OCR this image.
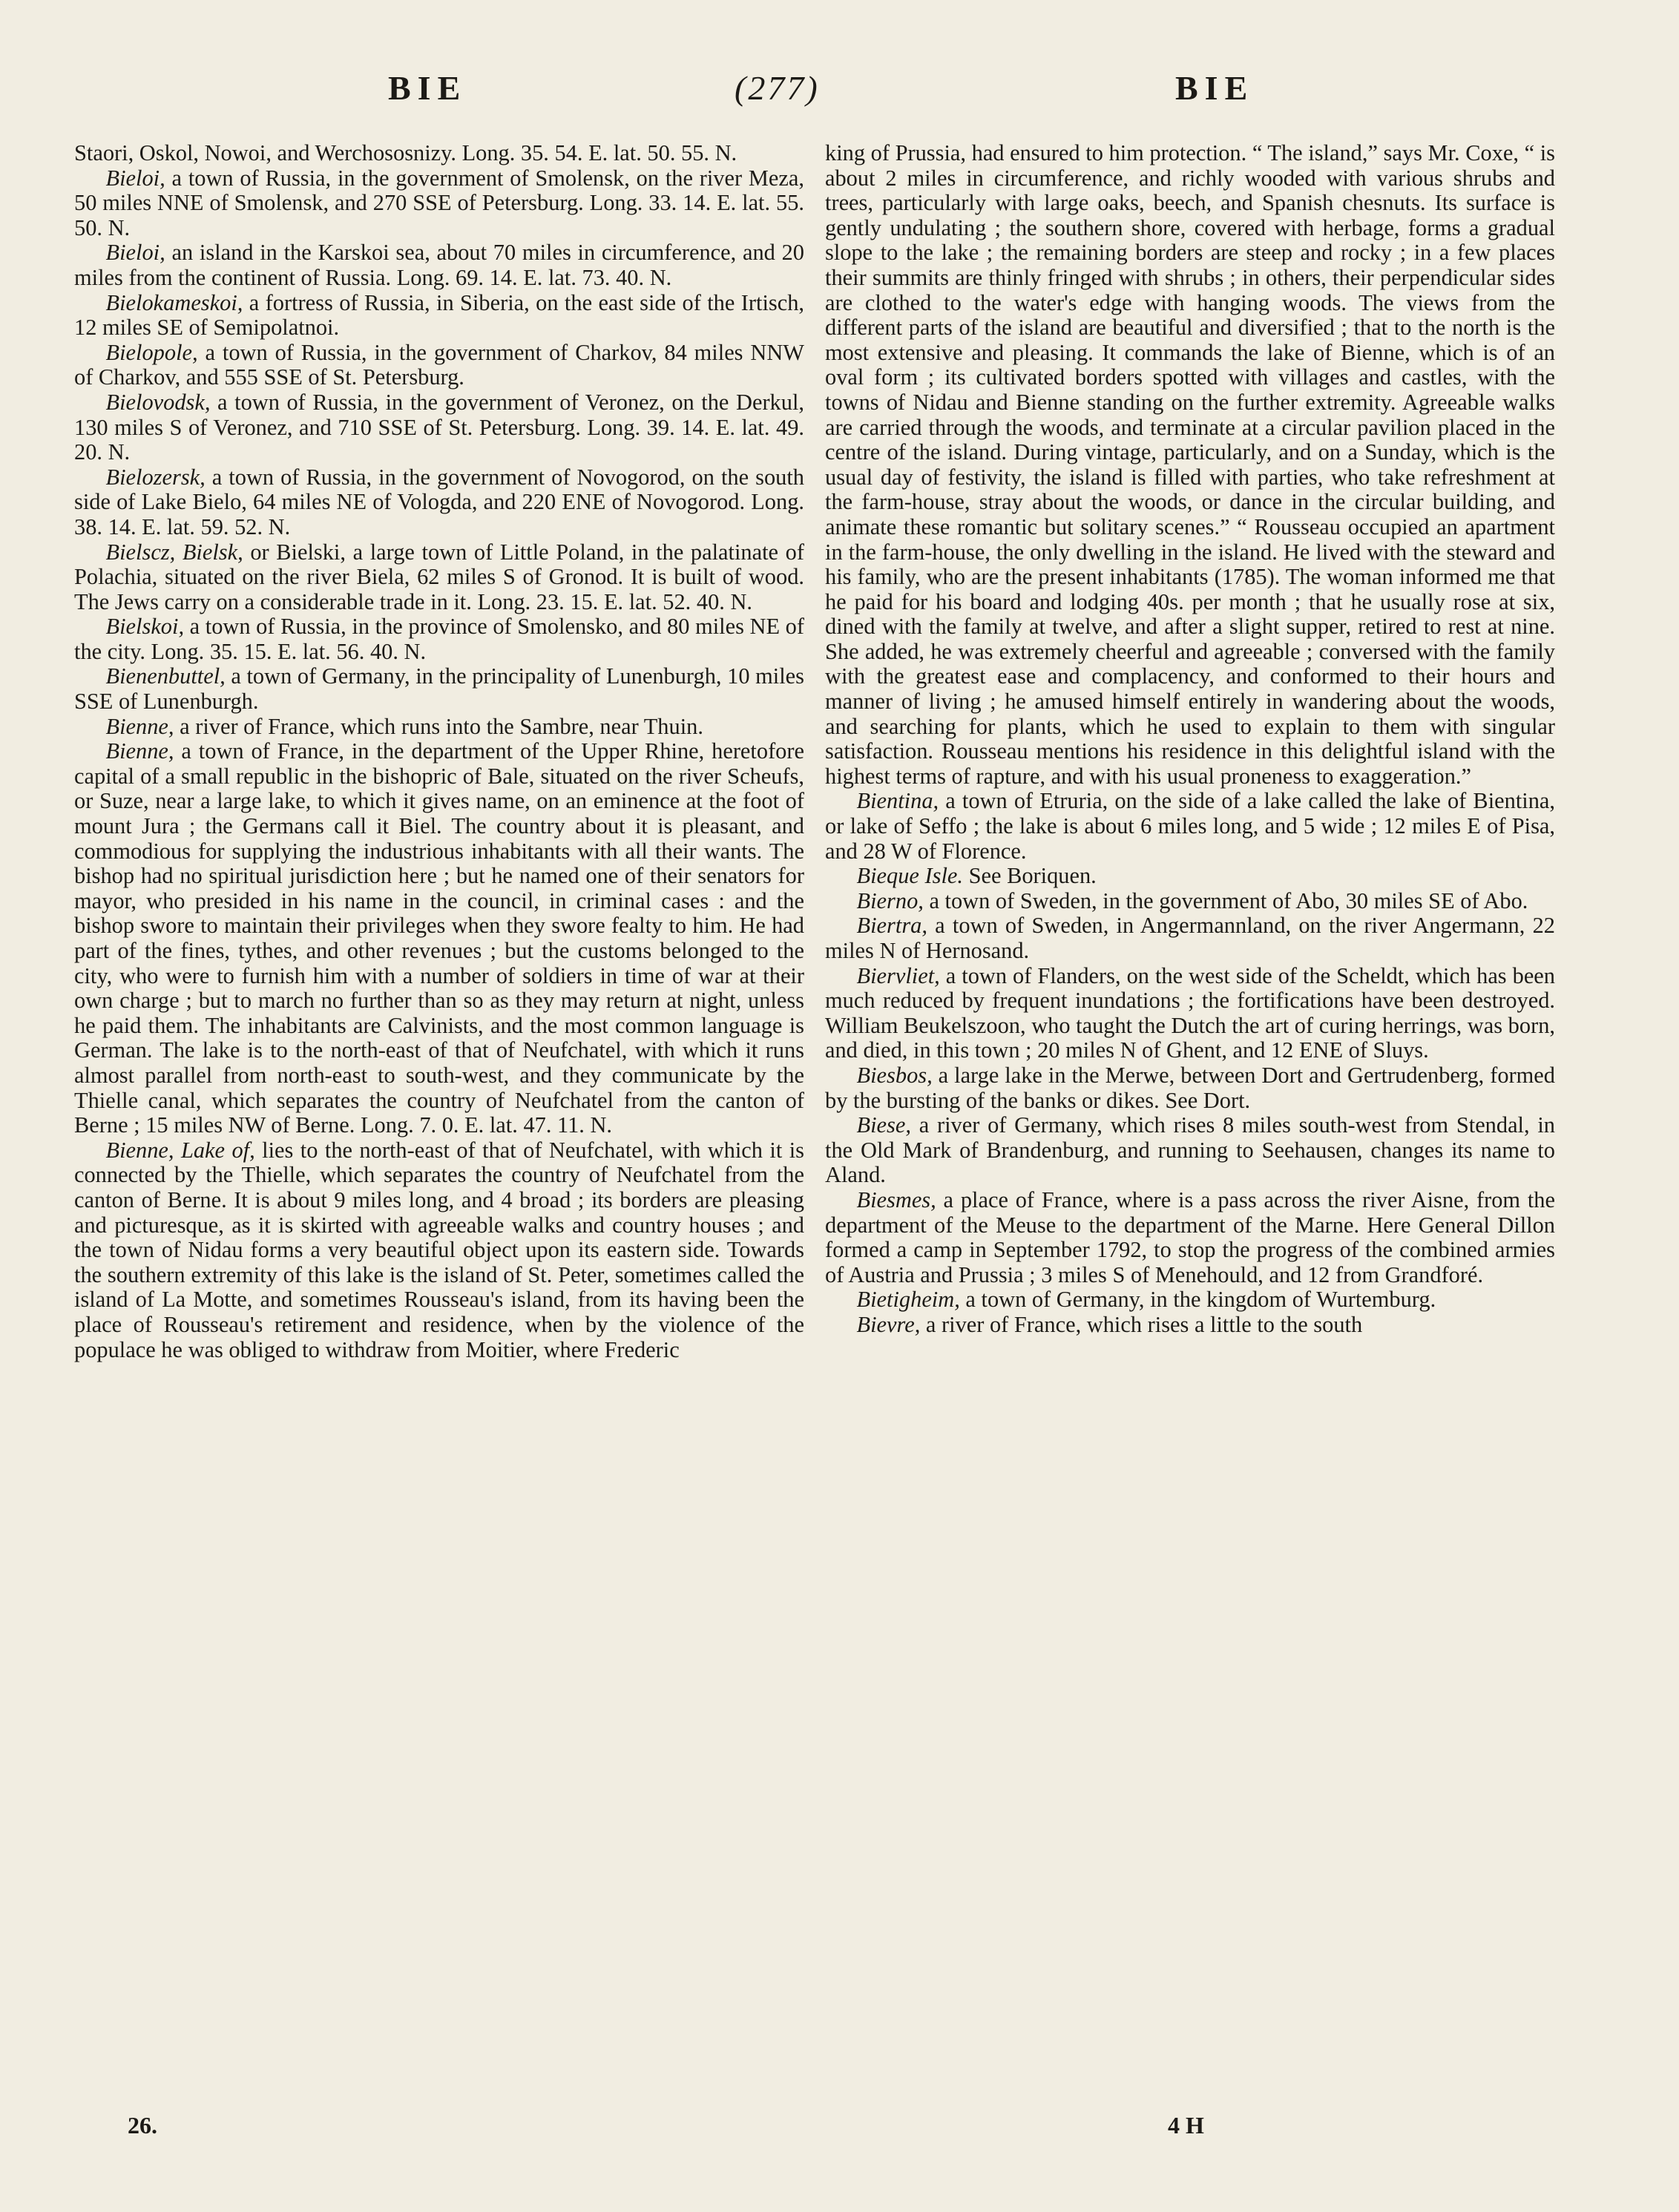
BIE	(277)	BIE

Staori, Oskol, Nowoi, and Werchososnizy. Long. 35. 54. E. lat. 50. 55. N.

Bieloi, a town of Russia, in the government of Smolensk, on the river Meza, 50 miles NNE of Smolensk, and 270 SSE of Petersburg. Long. 33. 14. E. lat. 55. 50. N.

Bieloi, an island in the Karskoi sea, about 70 miles in circumference, and 20 miles from the continent of Russia. Long. 69. 14. E. lat. 73. 40. N.

Bielokameskoi, a fortress of Russia, in Siberia, on the east side of the Irtisch, 12 miles SE of Semipolatnoi.

Bielopole, a town of Russia, in the government of Charkov, 84 miles NNW of Charkov, and 555 SSE of St. Petersburg.

Bielovodsk, a town of Russia, in the government of Veronez, on the Derkul, 130 miles S of Veronez, and 710 SSE of St. Petersburg. Long. 39. 14. E. lat. 49. 20. N.

Bielozersk, a town of Russia, in the government of Novogorod, on the south side of Lake Bielo, 64 miles NE of Vologda, and 220 ENE of Novogorod. Long. 38. 14. E. lat. 59. 52. N.

Bielscz, Bielsk, or Bielski, a large town of Little Poland, in the palatinate of Polachia, situated on the river Biela, 62 miles S of Gronod. It is built of wood. The Jews carry on a considerable trade in it. Long. 23. 15. E. lat. 52. 40. N.

Bielskoi, a town of Russia, in the province of Smolensko, and 80 miles NE of the city. Long. 35. 15. E. lat. 56. 40. N.

Bienenbuttel, a town of Germany, in the principality of Lunenburgh, 10 miles SSE of Lunenburgh.

Bienne, a river of France, which runs into the Sambre, near Thuin.

Bienne, a town of France, in the department of the Upper Rhine, heretofore capital of a small republic in the bishopric of Bale, situated on the river Scheufs, or Suze, near a large lake, to which it gives name, on an eminence at the foot of mount Jura ; the Germans call it Biel. The country about it is pleasant, and commodious for supplying the industrious inhabitants with all their wants. The bishop had no spiritual jurisdiction here ; but he named one of their senators for mayor, who presided in his name in the council, in criminal cases : and the bishop swore to maintain their privileges when they swore fealty to him. He had part of the fines, tythes, and other revenues ; but the customs belonged to the city, who were to furnish him with a number of soldiers in time of war at their own charge ; but to march no further than so as they may return at night, unless he paid them. The inhabitants are Calvinists, and the most common language is German. The lake is to the north-east of that of Neufchatel, with which it runs almost parallel from north-east to south-west, and they communicate by the Thielle canal, which separates the country of Neufchatel from the canton of Berne ; 15 miles NW of Berne. Long. 7. 0. E. lat. 47. 11. N.

Bienne, Lake of, lies to the north-east of that of Neufchatel, with which it is connected by the Thielle, which separates the country of Neufchatel from the canton of Berne. It is about 9 miles long, and 4 broad ; its borders are pleasing and picturesque, as it is skirted with agreeable walks and country houses ; and the town of Nidau forms a very beautiful object upon its eastern side. Towards the southern extremity of this lake is the island of St. Peter, sometimes called the island of La Motte, and sometimes Rousseau's island, from its having been the place of Rousseau's retirement and residence, when by the violence of the populace he was obliged to withdraw from Moitier, where Frederic

king of Prussia, had ensured to him protection. “ The island,” says Mr. Coxe, “ is about 2 miles in circumference, and richly wooded with various shrubs and trees, particularly with large oaks, beech, and Spanish chesnuts. Its surface is gently undulating ; the southern shore, covered with herbage, forms a gradual slope to the lake ; the remaining borders are steep and rocky ; in a few places their summits are thinly fringed with shrubs ; in others, their perpendicular sides are clothed to the water's edge with hanging woods. The views from the different parts of the island are beautiful and diversified ; that to the north is the most extensive and pleasing. It commands the lake of Bienne, which is of an oval form ; its cultivated borders spotted with villages and castles, with the towns of Nidau and Bienne standing on the further extremity. Agreeable walks are carried through the woods, and terminate at a circular pavilion placed in the centre of the island. During vintage, particularly, and on a Sunday, which is the usual day of festivity, the island is filled with parties, who take refreshment at the farm-house, stray about the woods, or dance in the circular building, and animate these romantic but solitary scenes.” “ Rousseau occupied an apartment in the farm-house, the only dwelling in the island. He lived with the steward and his family, who are the present inhabitants (1785). The woman informed me that he paid for his board and lodging 40s. per month ; that he usually rose at six, dined with the family at twelve, and after a slight supper, retired to rest at nine. She added, he was extremely cheerful and agreeable ; conversed with the family with the greatest ease and complacency, and conformed to their hours and manner of living ; he amused himself entirely in wandering about the woods, and searching for plants, which he used to explain to them with singular satisfaction. Rousseau mentions his residence in this delightful island with the highest terms of rapture, and with his usual proneness to exaggeration.”

Bientina, a town of Etruria, on the side of a lake called the lake of Bientina, or lake of Seffo ; the lake is about 6 miles long, and 5 wide ; 12 miles E of Pisa, and 28 W of Florence.

Bieque Isle. See Boriquen.

Bierno, a town of Sweden, in the government of Abo, 30 miles SE of Abo.

Biertra, a town of Sweden, in Angermannland, on the river Angermann, 22 miles N of Hernosand.

Biervliet, a town of Flanders, on the west side of the Scheldt, which has been much reduced by frequent inundations ; the fortifications have been destroyed. William Beukelszoon, who taught the Dutch the art of curing herrings, was born, and died, in this town ; 20 miles N of Ghent, and 12 ENE of Sluys.

Biesbos, a large lake in the Merwe, between Dort and Gertrudenberg, formed by the bursting of the banks or dikes. See Dort.

Biese, a river of Germany, which rises 8 miles south-west from Stendal, in the Old Mark of Brandenburg, and running to Seehausen, changes its name to Aland.

Biesmes, a place of France, where is a pass across the river Aisne, from the department of the Meuse to the department of the Marne. Here General Dillon formed a camp in September 1792, to stop the progress of the combined armies of Austria and Prussia ; 3 miles S of Menehould, and 12 from Grandforé.

Bietigheim, a town of Germany, in the kingdom of Wurtemburg.

Bievre, a river of France, which rises a little to the south

26.	4 H
